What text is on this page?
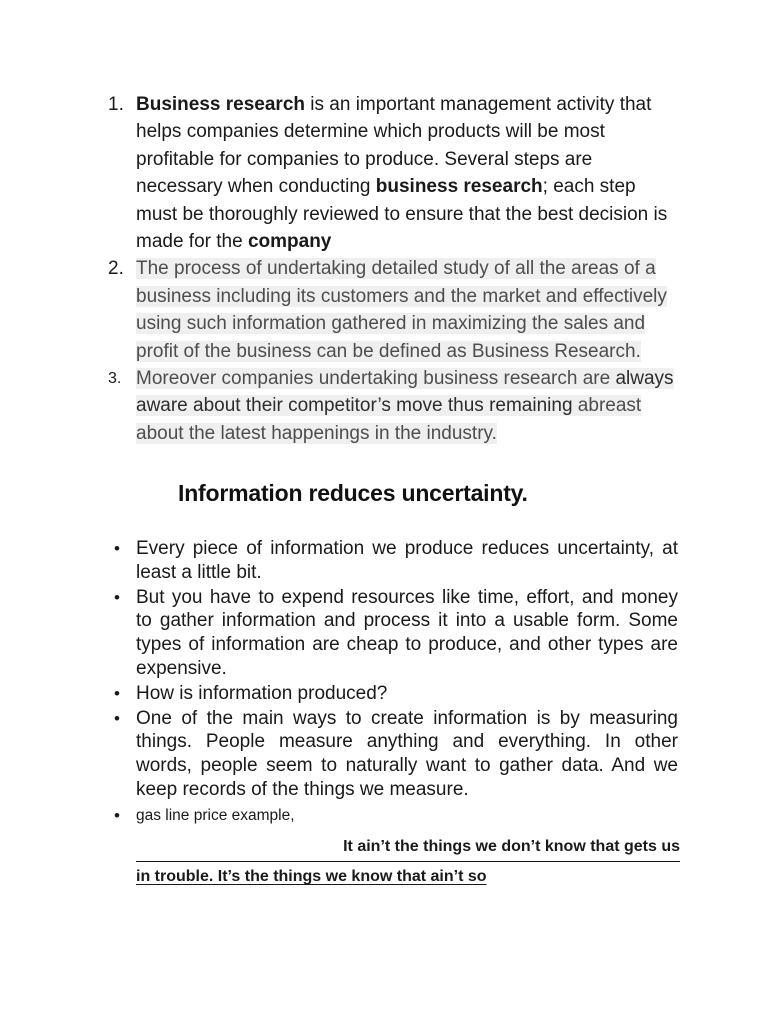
1. Business research is an important management activity that helps companies determine which products will be most profitable for companies to produce. Several steps are necessary when conducting business research; each step must be thoroughly reviewed to ensure that the best decision is made for the company
2. The process of undertaking detailed study of all the areas of a business including its customers and the market and effectively using such information gathered in maximizing the sales and profit of the business can be defined as Business Research.
3. Moreover companies undertaking business research are always aware about their competitor’s move thus remaining abreast about the latest happenings in the industry.
Information reduces uncertainty.
• Every piece of information we produce reduces uncertainty, at least a little bit.
• But you have to expend resources like time, effort, and money to gather information and process it into a usable form. Some types of information are cheap to produce, and other types are expensive.
• How is information produced?
• One of the main ways to create information is by measuring things. People measure anything and everything. In other words, people seem to naturally want to gather data. And we keep records of the things we measure.
• gas line price example,
It ain’t the things we don’t know that gets us
in trouble. It’s the things we know that ain’t so
